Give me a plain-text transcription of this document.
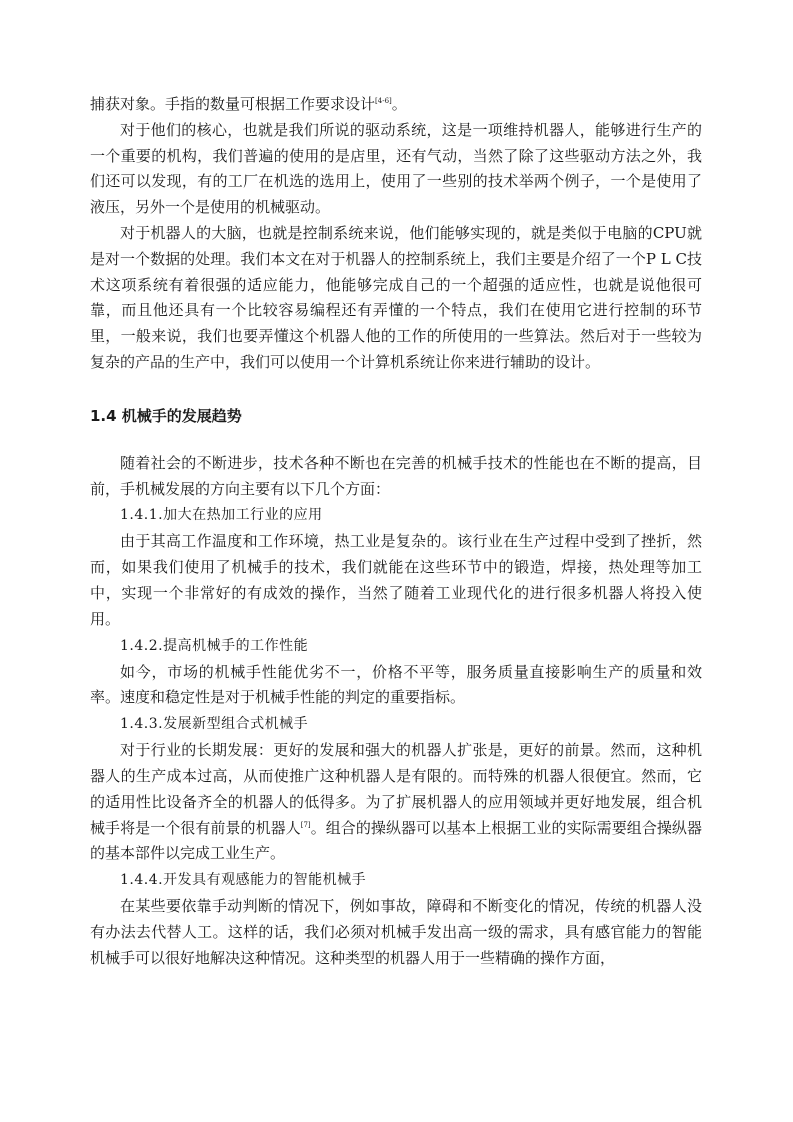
捕获对象。手指的数量可根据工作要求设计[4-6]。

对于他们的核心，也就是我们所说的驱动系统，这是一项维持机器人，能够进行生产的一个重要的机构，我们普遍的使用的是店里，还有气动，当然了除了这些驱动方法之外，我们还可以发现，有的工厂在机选的选用上，使用了一些别的技术举两个例子，一个是使用了液压，另外一个是使用的机械驱动。

对于机器人的大脑，也就是控制系统来说，他们能够实现的，就是类似于电脑的CPU就是对一个数据的处理。我们本文在对于机器人的控制系统上，我们主要是介绍了一个P L C技术这项系统有着很强的适应能力，他能够完成自己的一个超强的适应性，也就是说他很可靠，而且他还具有一个比较容易编程还有弄懂的一个特点，我们在使用它进行控制的环节里，一般来说，我们也要弄懂这个机器人他的工作的所使用的一些算法。然后对于一些较为复杂的产品的生产中，我们可以使用一个计算机系统让你来进行辅助的设计。

1.4 机械手的发展趋势

随着社会的不断进步，技术各种不断也在完善的机械手技术的性能也在不断的提高，目前，手机械发展的方向主要有以下几个方面：

1.4.1.加大在热加工行业的应用

由于其高工作温度和工作环境，热工业是复杂的。该行业在生产过程中受到了挫折，然而，如果我们使用了机械手的技术，我们就能在这些环节中的锻造，焊接，热处理等加工中，实现一个非常好的有成效的操作，当然了随着工业现代化的进行很多机器人将投入使用。

1.4.2.提高机械手的工作性能

如今，市场的机械手性能优劣不一，价格不平等，服务质量直接影响生产的质量和效率。速度和稳定性是对于机械手性能的判定的重要指标。

1.4.3.发展新型组合式机械手

对于行业的长期发展：更好的发展和强大的机器人扩张是，更好的前景。然而，这种机器人的生产成本过高，从而使推广这种机器人是有限的。而特殊的机器人很便宜。然而，它的适用性比设备齐全的机器人的低得多。为了扩展机器人的应用领域并更好地发展，组合机械手将是一个很有前景的机器人[7]。组合的操纵器可以基本上根据工业的实际需要组合操纵器的基本部件以完成工业生产。

1.4.4.开发具有观感能力的智能机械手

在某些要依靠手动判断的情况下，例如事故，障碍和不断变化的情况，传统的机器人没有办法去代替人工。这样的话，我们必须对机械手发出高一级的需求，具有感官能力的智能机械手可以很好地解决这种情况。这种类型的机器人用于一些精确的操作方面，
